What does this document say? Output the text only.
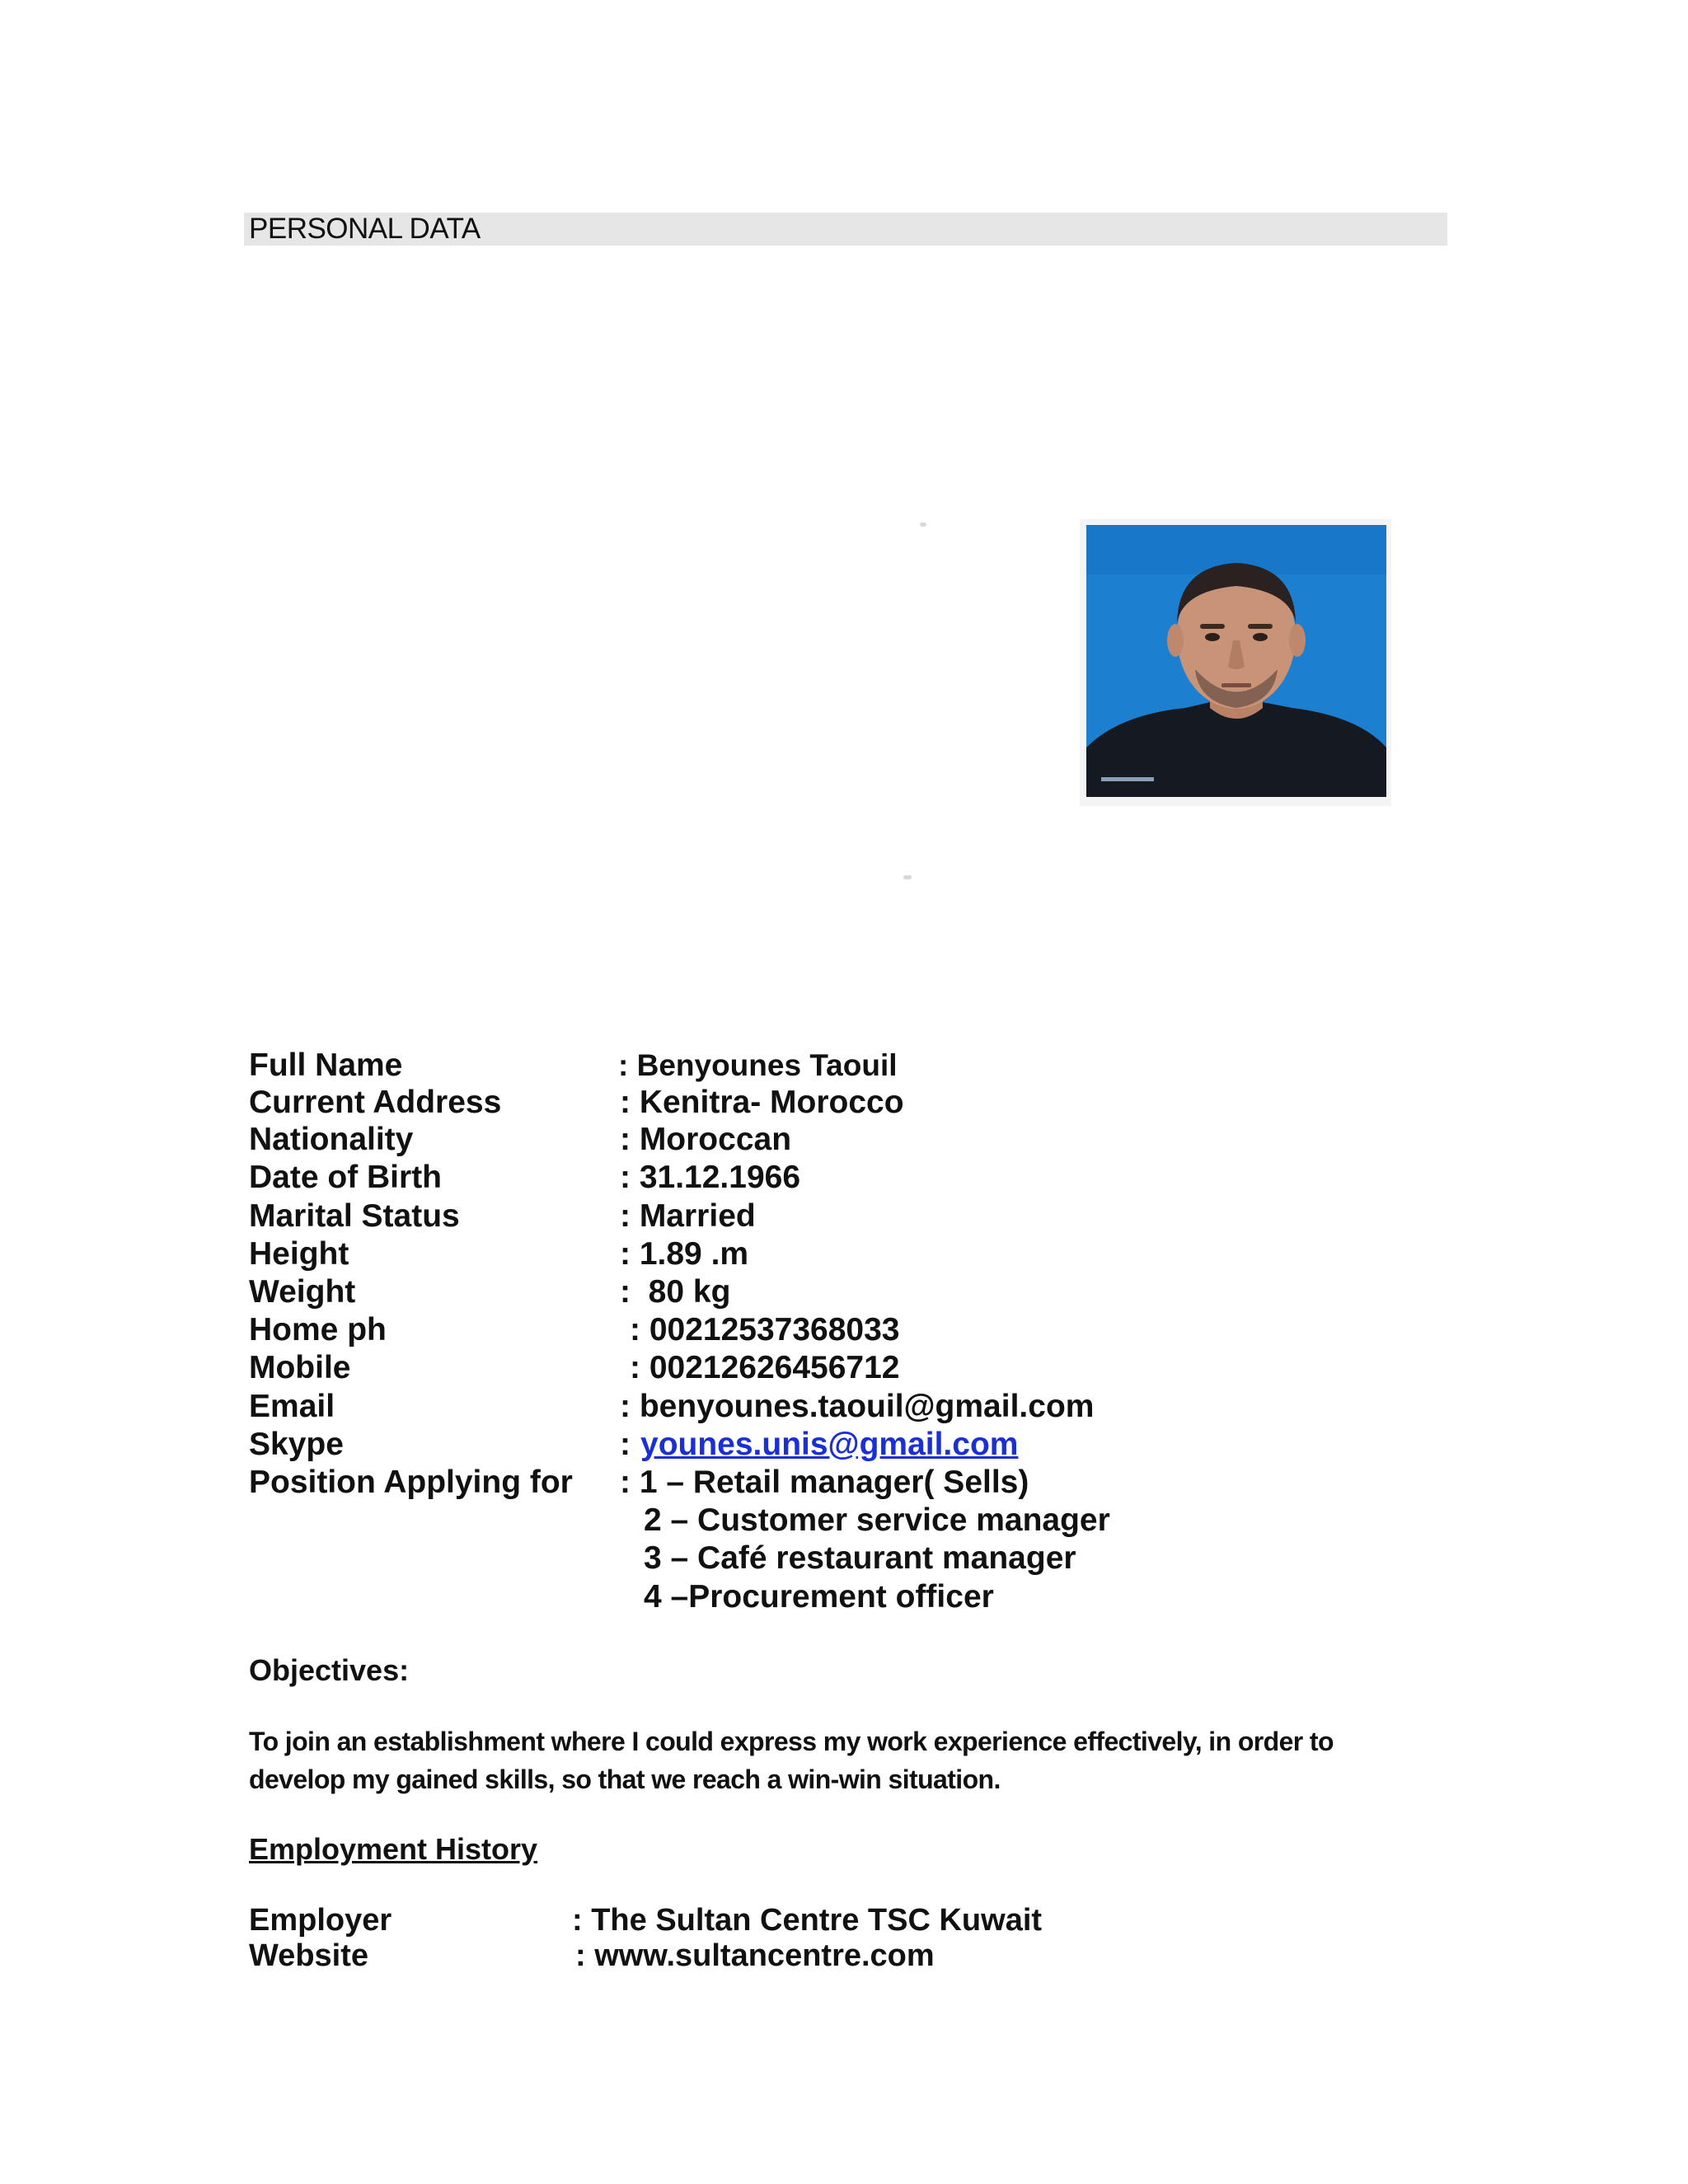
PERSONAL DATA
Full Name	: Benyounes Taouil
Current Address	: Kenitra- Morocco
Nationality	: Moroccan
Date of Birth	: 31.12.1966
Marital Status	: Married
Height	: 1.89 .m
Weight	:  80 kg
Home ph	: 00212537368033
Mobile	: 00212626456712
Email	: benyounes.taouil@gmail.com
Skype	: younes.unis@gmail.com
Position Applying for : 1 – Retail manager( Sells)
2 – Customer service manager
3 – Café restaurant manager
4 –Procurement officer
Objectives:
To join an establishment where I could express my work experience effectively, in order to
develop my gained skills, so that we reach a win-win situation.
Employment History
Employer	: The Sultan Centre TSC Kuwait
Website	: www.sultancentre.com
